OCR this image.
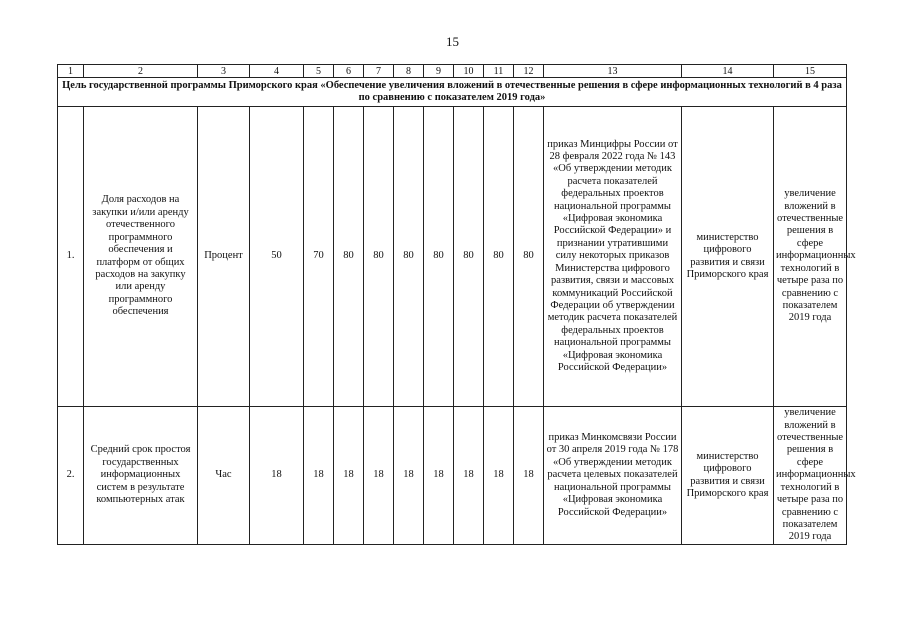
15
1	2	3	4	5	6	7	8	9	10	11	12	13	14	15
Цель государственной программы Приморского края «Обеспечение увеличения вложений в отечественные решения в сфере информационных технологий в 4 раза по сравнению с показателем 2019 года»														
1.	Доля расходов на закупки и/или аренду отечественного программного обеспечения и платформ от общих расходов на закупку или аренду программного обеспечения	Процент	50	70	80	80	80	80	80	80	80	приказ Минцифры России от 28 февраля 2022 года № 143 «Об утверждении методик расчета показателей федеральных проектов национальной программы «Цифровая экономика Российской Федерации» и признании утратившими силу некоторых приказов Министерства цифрового развития, связи и массовых коммуникаций Российской Федерации об утверждении методик расчета показателей федеральных проектов национальной программы «Цифровая экономика Российской Федерации»	министерство цифрового развития и связи Приморского края	увеличение вложений в отечественные решения в сфере информационных технологий в четыре раза по сравнению с показателем 2019 года
2.	Средний срок простоя государственных информационных систем в результате компьютерных атак	Час	18	18	18	18	18	18	18	18	18	приказ Минкомсвязи России от 30 апреля 2019 года № 178 «Об утверждении методик расчета целевых показателей национальной программы «Цифровая экономика Российской Федерации»	министерство цифрового развития и связи Приморского края	увеличение вложений в отечественные решения в сфере информационных технологий в четыре раза по сравнению с показателем 2019 года
